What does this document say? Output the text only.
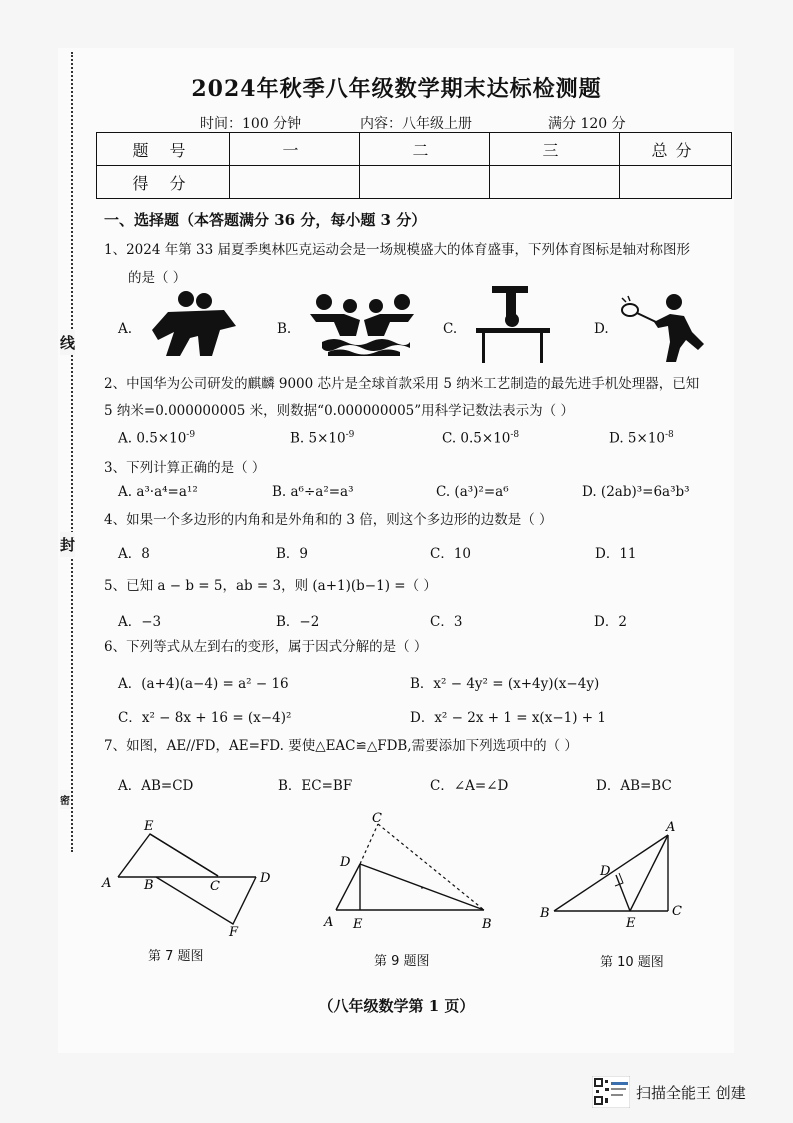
线
封
密
2024年秋季八年级数学期末达标检测题
时间：100 分钟	内容：八年级上册	满分 120 分
题 号	一	二	三	总分
得 分				
一、选择题（本答题满分 36 分，每小题 3 分）
1、2024 年第 33 届夏季奥林匹克运动会是一场规模盛大的体育盛事，下列体育图标是轴对称图形
的是（ ）
A.	B.	C.	D.
2、中国华为公司研发的麒麟 9000 芯片是全球首款采用 5 纳米工艺制造的最先进手机处理器，已知
5 纳米=0.000000005 米，则数据“0.000000005”用科学记数法表示为（ ）
A. $0.5\times 10^{-9}$	B. $5\times 10^{-9}$	C. $0.5\times 10^{-8}$	D. $5\times 10^{-8}$
3、下列计算正确的是（ ）
A. a³·a⁴=a¹²	B. a⁶÷a²=a³	C. (a³)²=a⁶	D. (2ab)³=6a³b³
4、如果一个多边形的内角和是外角和的 3 倍，则这个多边形的边数是（ ）
A．8	B．9	C．10	D．11
5、已知 a − b = 5，ab = 3，则 (a+1)(b−1) =（ ）
A．−3	B．−2	C．3	D．2
6、下列等式从左到右的变形，属于因式分解的是（ ）
A．(a+4)(a−4) = a² − 16	B．x² − 4y² = (x+4y)(x−4y)
C．x² − 8x + 16 = (x−4)²	D．x² − 2x + 1 = x(x−1) + 1
7、如图，AE//FD，AE=FD. 要使△EAC≌△FDB,需要添加下列选项中的（ ）
A．AB=CD	B．EC=BF	C．∠A=∠D	D．AB=BC
E
A	B	C
D
F
第 7 题图
C
D
A E	B
第 9 题图
A
D
B
E
C
第 10 题图
（八年级数学第 1 页）
扫描全能王 创建
